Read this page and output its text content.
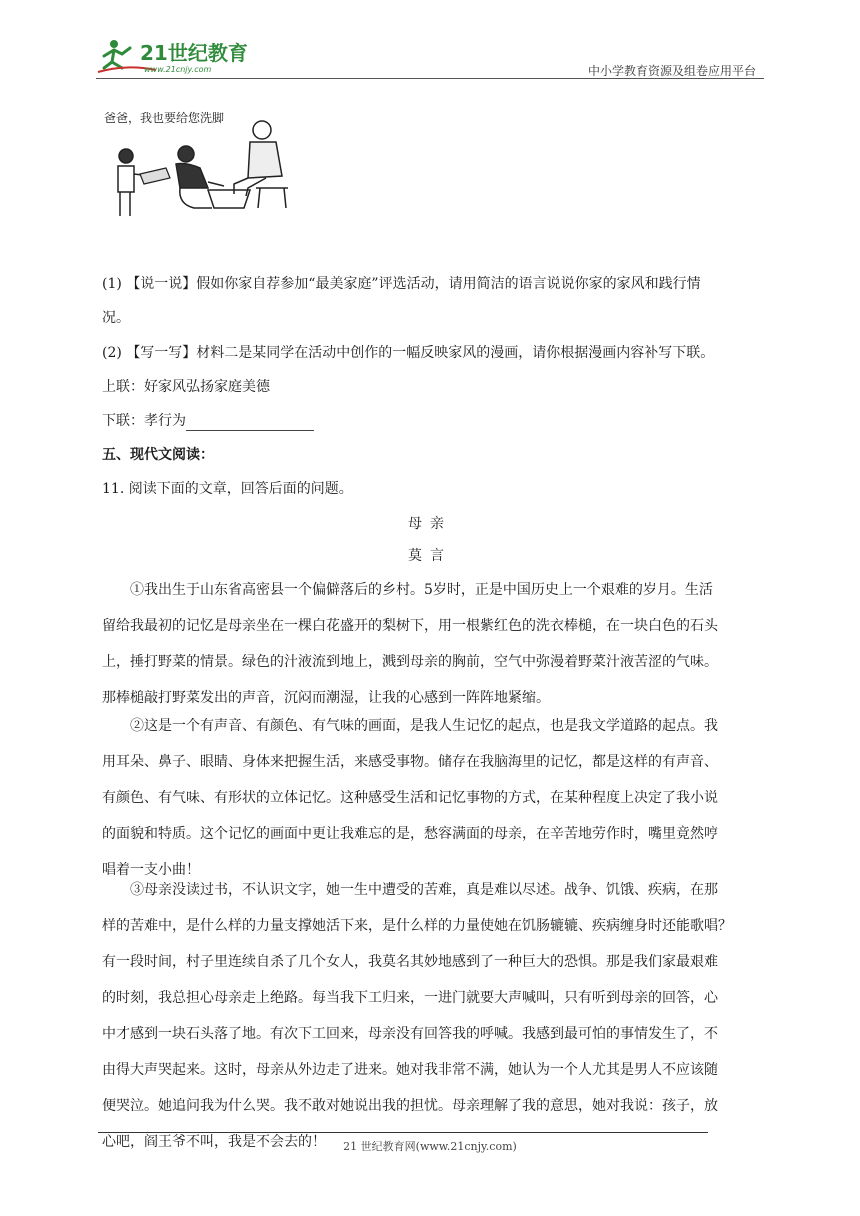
21世纪教育
www.21cnjy.com	中小学教育资源及组卷应用平台
爸爸，我也要给您洗脚
(1) 【说一说】假如你家自荐参加“最美家庭”评选活动，请用简洁的语言说说你家的家风和践行情
况。
(2) 【写一写】材料二是某同学在活动中创作的一幅反映家风的漫画，请你根据漫画内容补写下联。
上联：好家风弘扬家庭美德
下联：孝行为
五、现代文阅读：
11. 阅读下面的文章，回答后面的问题。
母亲
莫言
①我出生于山东省高密县一个偏僻落后的乡村。5岁时，正是中国历史上一个艰难的岁月。生活
留给我最初的记忆是母亲坐在一棵白花盛开的梨树下，用一根紫红色的洗衣棒槌，在一块白色的石头
上，捶打野菜的情景。绿色的汁液流到地上，溅到母亲的胸前，空气中弥漫着野菜汁液苦涩的气味。
那棒槌敲打野菜发出的声音，沉闷而潮湿，让我的心感到一阵阵地紧缩。
②这是一个有声音、有颜色、有气味的画面，是我人生记忆的起点，也是我文学道路的起点。我
用耳朵、鼻子、眼睛、身体来把握生活，来感受事物。储存在我脑海里的记忆，都是这样的有声音、
有颜色、有气味、有形状的立体记忆。这种感受生活和记忆事物的方式，在某种程度上决定了我小说
的面貌和特质。这个记忆的画面中更让我难忘的是，愁容满面的母亲，在辛苦地劳作时，嘴里竟然哼
唱着一支小曲！
③母亲没读过书，不认识文字，她一生中遭受的苦难，真是难以尽述。战争、饥饿、疾病，在那
样的苦难中，是什么样的力量支撑她活下来，是什么样的力量使她在饥肠辘辘、疾病缠身时还能歌唱？
有一段时间，村子里连续自杀了几个女人，我莫名其妙地感到了一种巨大的恐惧。那是我们家最艰难
的时刻，我总担心母亲走上绝路。每当我下工归来，一进门就要大声喊叫，只有听到母亲的回答，心
中才感到一块石头落了地。有次下工回来，母亲没有回答我的呼喊。我感到最可怕的事情发生了，不
由得大声哭起来。这时，母亲从外边走了进来。她对我非常不满，她认为一个人尤其是男人不应该随
便哭泣。她追问我为什么哭。我不敢对她说出我的担忧。母亲理解了我的意思，她对我说：孩子，放
心吧，阎王爷不叫，我是不会去的！	21 世纪教育网(www.21cnjy.com)
